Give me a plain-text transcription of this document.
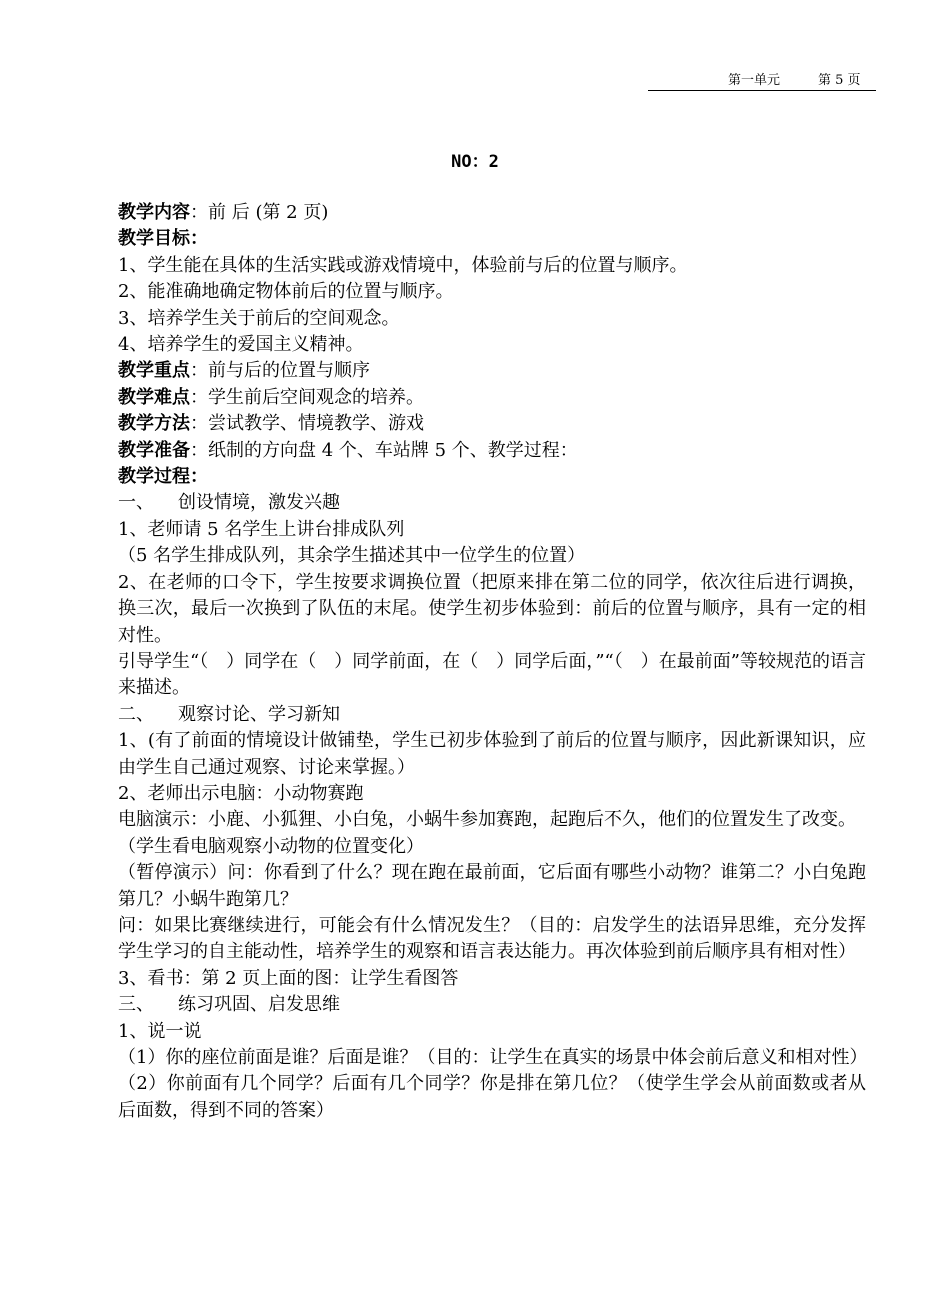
第一单元	第 5 页
NO：2
教学内容：前 后 (第 2 页)
教学目标：
1、学生能在具体的生活实践或游戏情境中，体验前与后的位置与顺序。
2、能准确地确定物体前后的位置与顺序。
3、培养学生关于前后的空间观念。
4、培养学生的爱国主义精神。
教学重点：前与后的位置与顺序
教学难点：学生前后空间观念的培养。
教学方法：尝试教学、情境教学、游戏
教学准备：纸制的方向盘 4 个、车站牌 5 个、教学过程：
教学过程：
一、 创设情境，激发兴趣
1、老师请 5 名学生上讲台排成队列
（5 名学生排成队列，其余学生描述其中一位学生的位置）
2、在老师的口令下，学生按要求调换位置（把原来排在第二位的同学，依次往后进行调换，换三次，最后一次换到了队伍的末尾。使学生初步体验到：前后的位置与顺序，具有一定的相对性。
引导学生“（　）同学在（　）同学前面，在（　）同学后面，”“（　）在最前面”等较规范的语言来描述。
二、 观察讨论、学习新知
1、(有了前面的情境设计做铺垫，学生已初步体验到了前后的位置与顺序，因此新课知识，应由学生自己通过观察、讨论来掌握。）
2、老师出示电脑：小动物赛跑
电脑演示：小鹿、小狐狸、小白兔，小蜗牛参加赛跑，起跑后不久，他们的位置发生了改变。
（学生看电脑观察小动物的位置变化）
（暂停演示）问：你看到了什么？现在跑在最前面，它后面有哪些小动物？谁第二？小白兔跑第几？小蜗牛跑第几？
问：如果比赛继续进行，可能会有什么情况发生？（目的：启发学生的法语异思维，充分发挥学生学习的自主能动性，培养学生的观察和语言表达能力。再次体验到前后顺序具有相对性）
3、看书：第 2 页上面的图：让学生看图答
三、 练习巩固、启发思维
1、说一说
（1）你的座位前面是谁？后面是谁？（目的：让学生在真实的场景中体会前后意义和相对性）
（2）你前面有几个同学？后面有几个同学？你是排在第几位？（使学生学会从前面数或者从后面数，得到不同的答案）
